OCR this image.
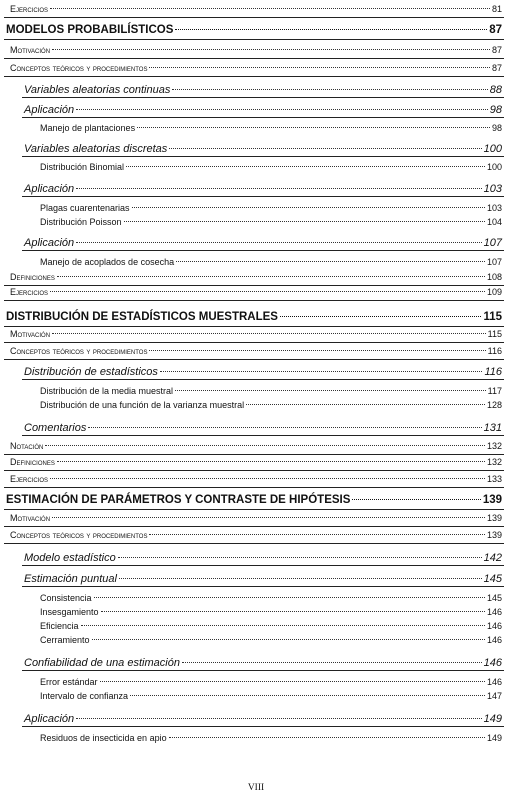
Ejercicios	81
MODELOS PROBABILÍSTICOS	87
Motivación	87
Conceptos teóricos y procedimientos	87
Variables aleatorias continuas	88
Aplicación	98
Manejo de plantaciones	98
Variables aleatorias discretas	100
Distribución Binomial	100
Aplicación	103
Plagas cuarentenarias	103
Distribución Poisson	104
Aplicación	107
Manejo de acoplados de cosecha	107
Definiciones	108
Ejercicios	109
DISTRIBUCIÓN DE ESTADÍSTICOS MUESTRALES	115
Motivación	115
Conceptos teóricos y procedimientos	116
Distribución de estadísticos	116
Distribución de la media muestral	117
Distribución de una función de la varianza muestral	128
Comentarios	131
Notación	132
Definiciones	132
Ejercicios	133
ESTIMACIÓN DE PARÁMETROS Y CONTRASTE DE HIPÓTESIS	139
Motivación	139
Conceptos teóricos y procedimientos	139
Modelo estadístico	142
Estimación puntual	145
Consistencia	145
Insesgamiento	146
Eficiencia	146
Cerramiento	146
Confiabilidad de una estimación	146
Error estándar	146
Intervalo de confianza	147
Aplicación	149
Residuos de insecticida en apio	149
VIII
